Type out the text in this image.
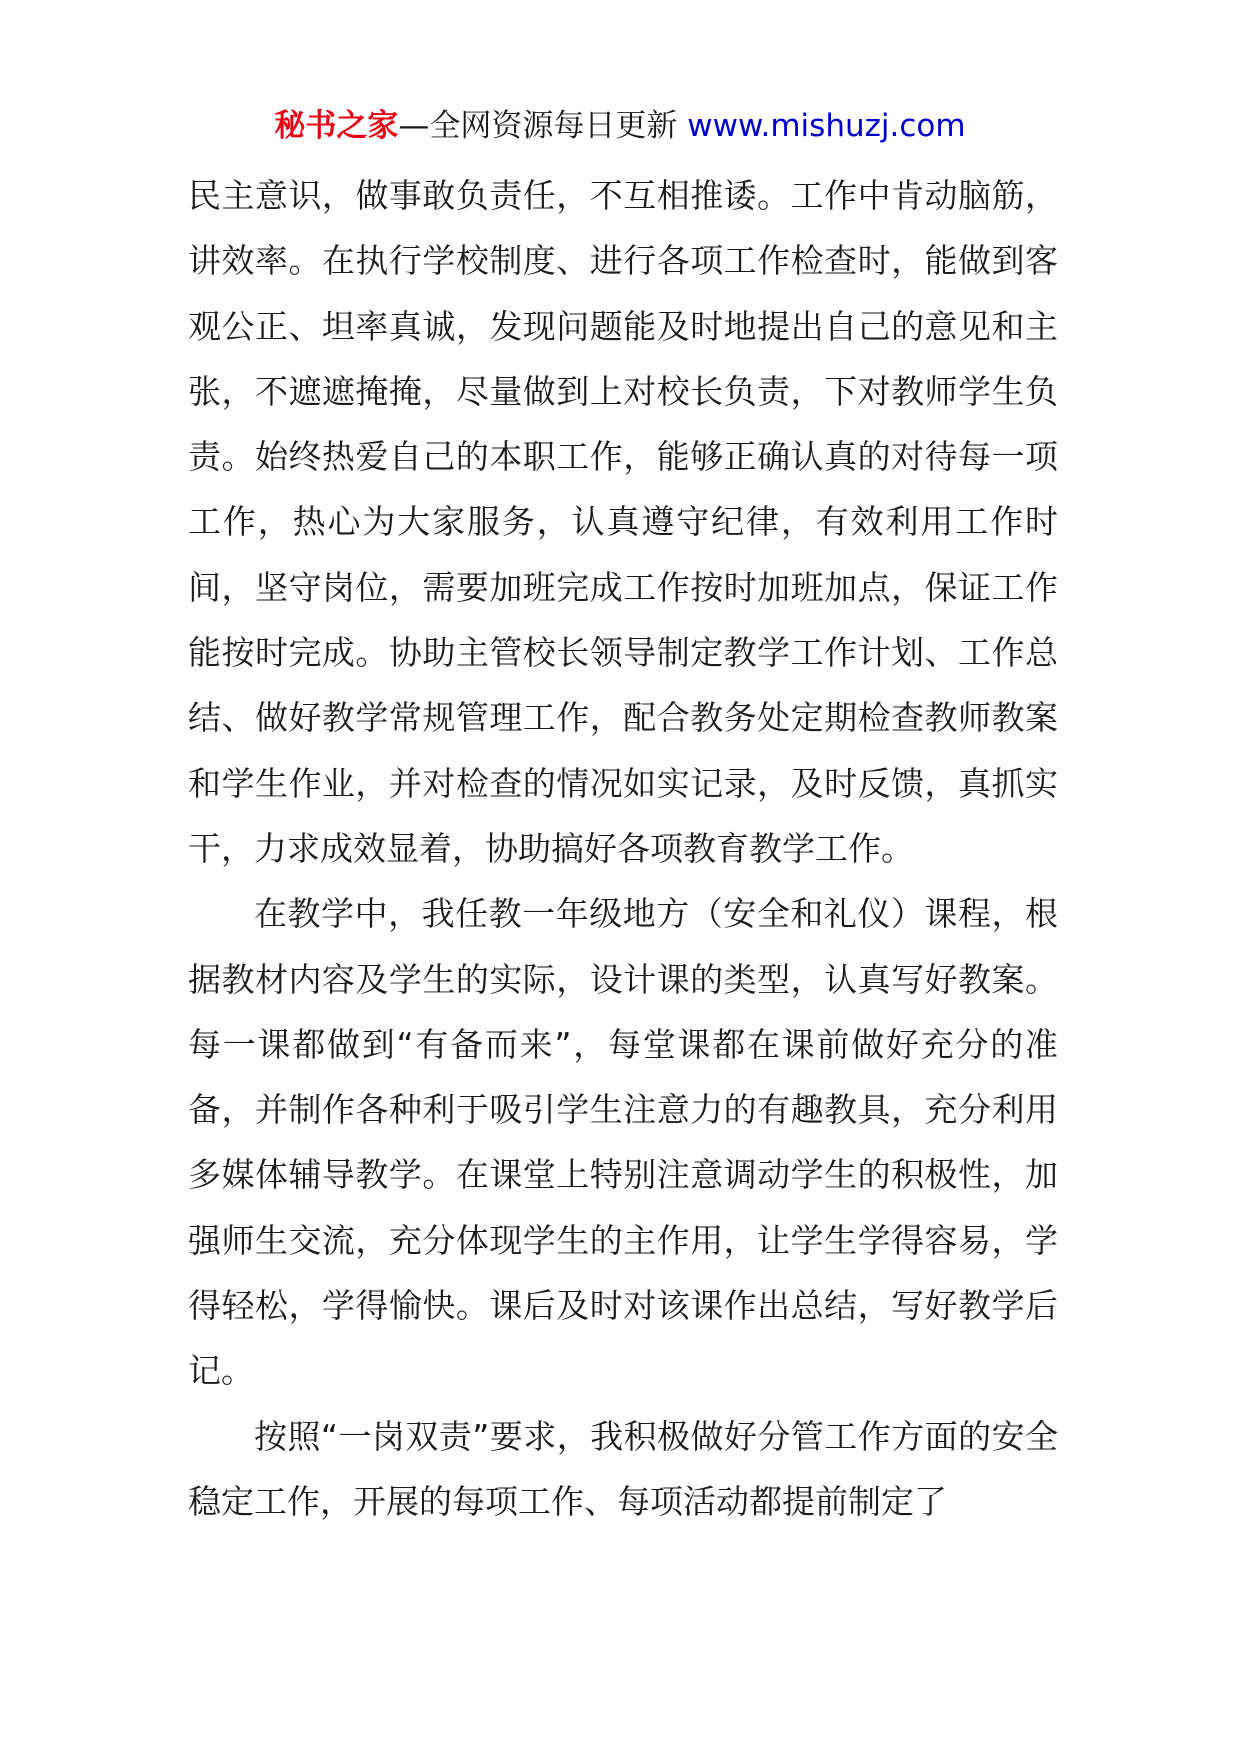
秘书之家—全网资源每日更新 www.mishuzj.com

民主意识，做事敢负责任，不互相推诿。工作中肯动脑筋，讲效率。在执行学校制度、进行各项工作检查时，能做到客观公正、坦率真诚，发现问题能及时地提出自己的意见和主张，不遮遮掩掩，尽量做到上对校长负责，下对教师学生负责。始终热爱自己的本职工作，能够正确认真的对待每一项工作，热心为大家服务，认真遵守纪律，有效利用工作时间，坚守岗位，需要加班完成工作按时加班加点，保证工作能按时完成。协助主管校长领导制定教学工作计划、工作总结、做好教学常规管理工作，配合教务处定期检查教师教案和学生作业，并对检查的情况如实记录，及时反馈，真抓实干，力求成效显着，协助搞好各项教育教学工作。

在教学中，我任教一年级地方（安全和礼仪）课程，根据教材内容及学生的实际，设计课的类型，认真写好教案。每一课都做到“有备而来”，每堂课都在课前做好充分的准备，并制作各种利于吸引学生注意力的有趣教具，充分利用多媒体辅导教学。在课堂上特别注意调动学生的积极性，加强师生交流，充分体现学生的主作用，让学生学得容易，学得轻松，学得愉快。课后及时对该课作出总结，写好教学后记。

按照“一岗双责”要求，我积极做好分管工作方面的安全稳定工作，开展的每项工作、每项活动都提前制定了
